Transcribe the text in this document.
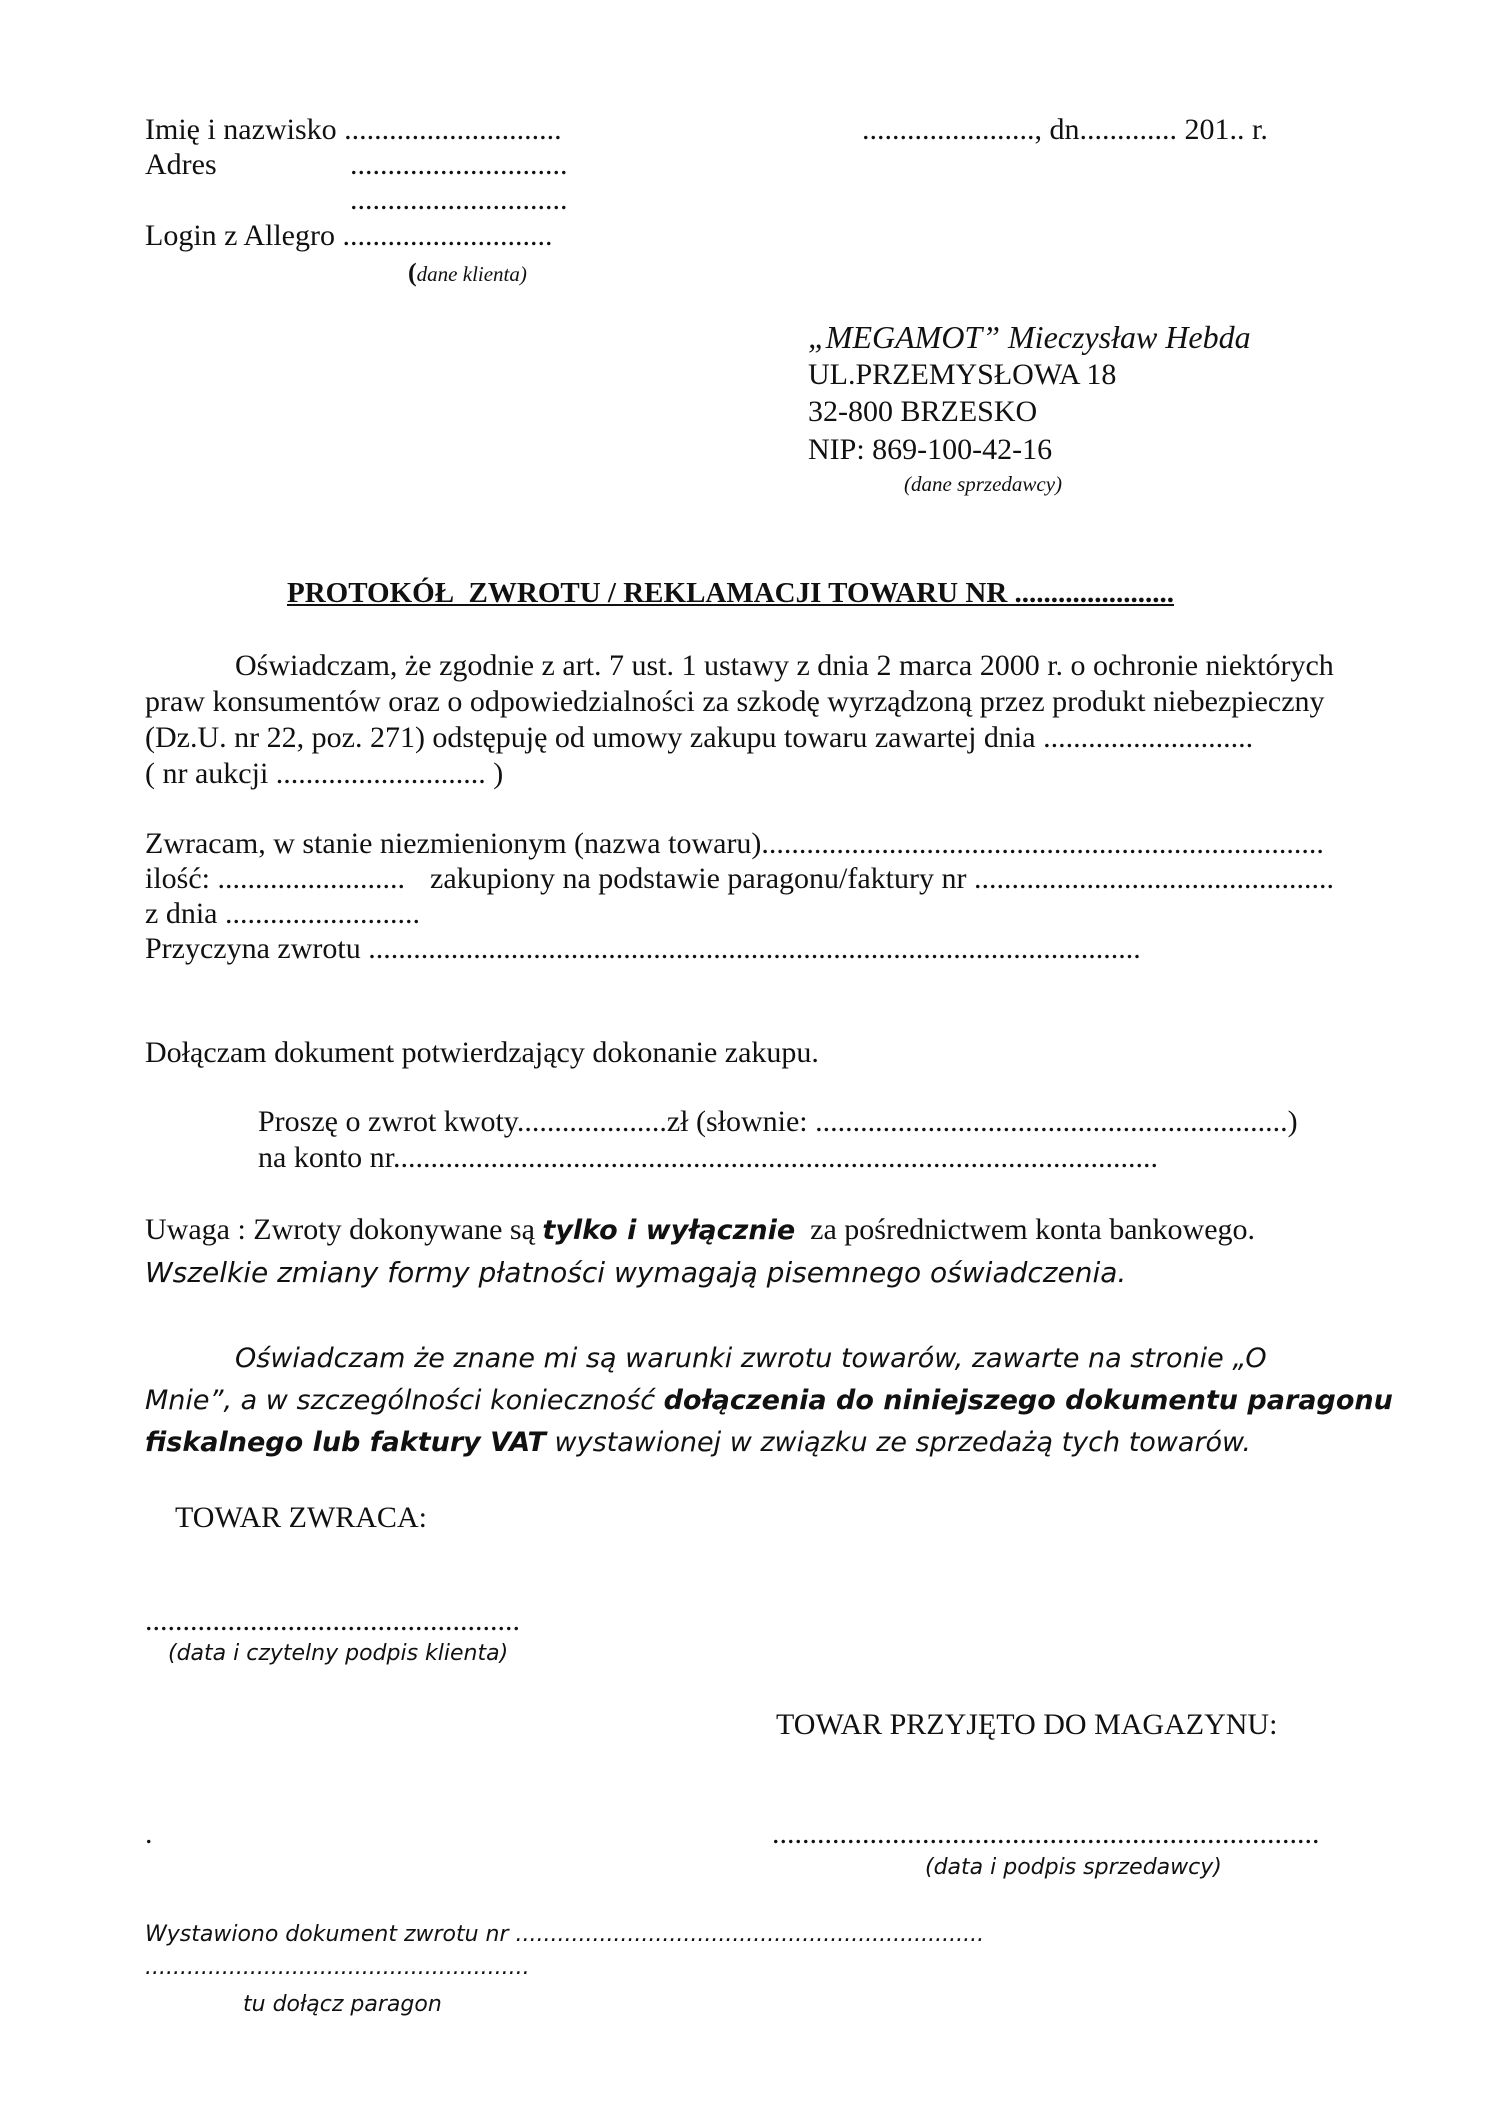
Imię i nazwisko .............................	......................., dn............. 201.. r.
Adres	.............................
.............................
Login z Allegro ............................
(dane klienta)
„MEGAMOT” Mieczysław Hebda
UL.PRZEMYSŁOWA 18
32-800 BRZESKO
NIP: 869-100-42-16
(dane sprzedawcy)
PROTOKÓŁ  ZWROTU / REKLAMACJI TOWARU NR ......................
Oświadczam, że zgodnie z art. 7 ust. 1 ustawy z dnia 2 marca 2000 r. o ochronie niektórych
praw konsumentów oraz o odpowiedzialności za szkodę wyrządzoną przez produkt niebezpieczny
(Dz.U. nr 22, poz. 271) odstępuję od umowy zakupu towaru zawartej dnia ............................
( nr aukcji ............................ )
Zwracam, w stanie niezmienionym (nazwa towaru)...........................................................................
ilość: ......................... zakupiony na podstawie paragonu/faktury nr ................................................
z dnia ..........................
Przyczyna zwrotu .......................................................................................................
Dołączam dokument potwierdzający dokonanie zakupu.
Proszę o zwrot kwoty....................zł (słownie: ...............................................................)
na konto nr......................................................................................................
Uwaga : Zwroty dokonywane są tylko i wyłącznie  za pośrednictwem konta bankowego.
Wszelkie zmiany formy płatności wymagają pisemnego oświadczenia.
Oświadczam że znane mi są warunki zwrotu towarów, zawarte na stronie „O
Mnie”, a w szczególności konieczność dołączenia do niniejszego dokumentu paragonu
fiskalnego lub faktury VAT wystawionej w związku ze sprzedażą tych towarów.
TOWAR ZWRACA:
..................................................
(data i czytelny podpis klienta)
TOWAR PRZYJĘTO DO MAGAZYNU:
.	.........................................................................
(data i podpis sprzedawcy)
Wystawiono dokument zwrotu nr ...................................................................
.......................................................
tu dołącz paragon
